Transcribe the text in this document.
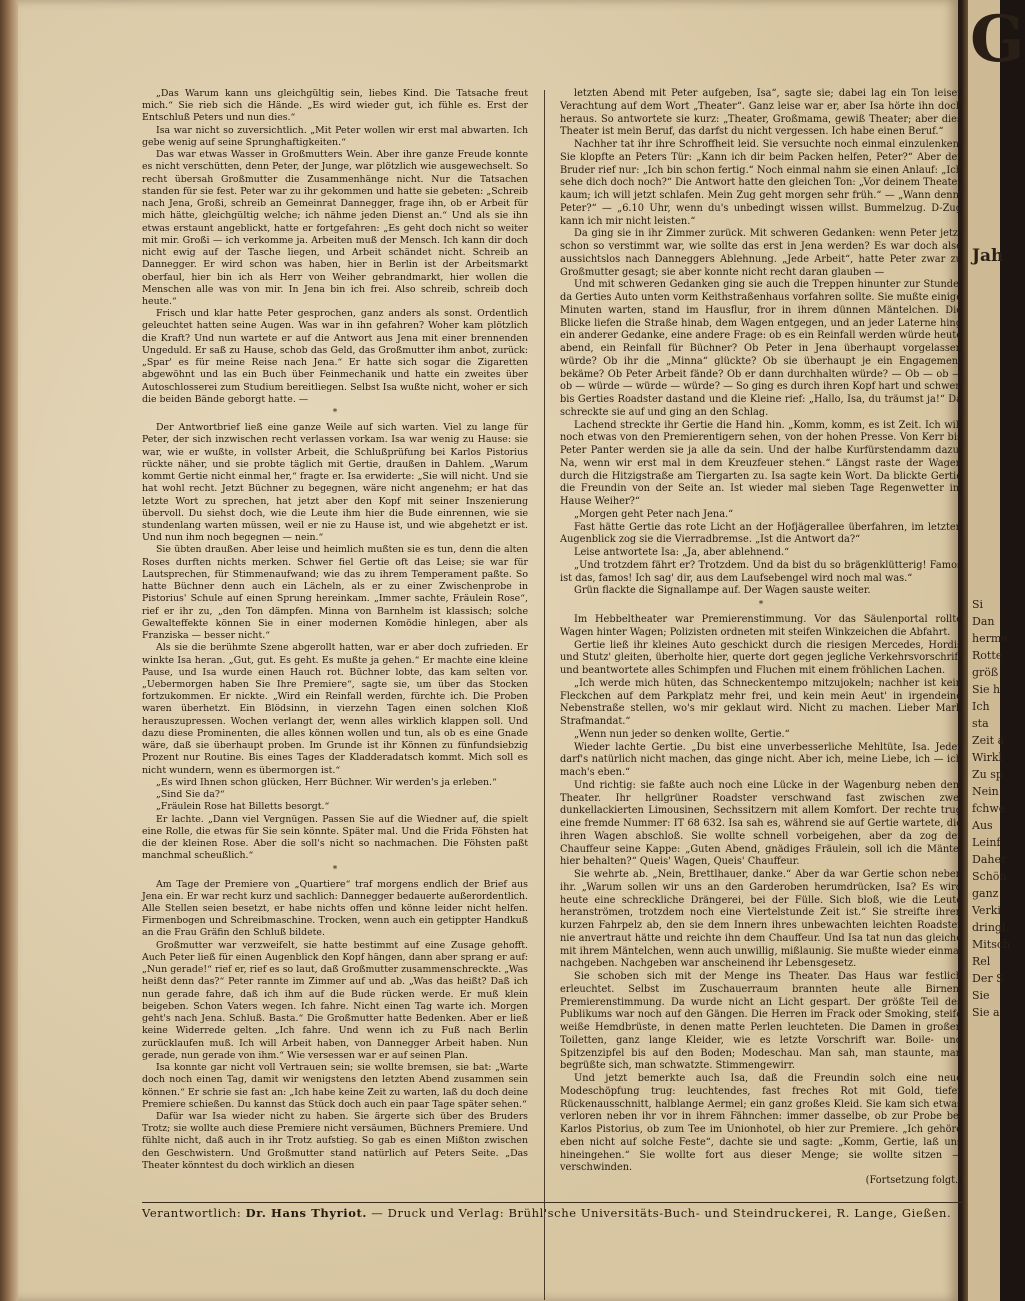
„Das Warum kann uns gleichgültig sein, liebes Kind. Die Tatsache freut mich.“ Sie rieb sich die Hände. „Es wird wieder gut, ich fühle es. Erst der Entschluß Peters und nun dies.“

Isa war nicht so zuversichtlich. „Mit Peter wollen wir erst mal abwarten. Ich gebe wenig auf seine Sprunghaftigkeiten.“

Das war etwas Wasser in Großmutters Wein. Aber ihre ganze Freude konnte es nicht verschütten, denn Peter, der Junge, war plötzlich wie ausgewechselt. So recht übersah Großmutter die Zusammenhänge nicht. Nur die Tatsachen standen für sie fest. Peter war zu ihr gekommen und hatte sie gebeten: „Schreib nach Jena, Großi, schreib an Gemeinrat Dannegger, frage ihn, ob er Arbeit für mich hätte, gleichgültig welche; ich nähme jeden Dienst an.“ Und als sie ihn etwas erstaunt angeblickt, hatte er fortgefahren: „Es geht doch nicht so weiter mit mir. Großi — ich verkomme ja. Arbeiten muß der Mensch. Ich kann dir doch nicht ewig auf der Tasche liegen, und Arbeit schändet nicht. Schreib an Dannegger. Er wird schon was haben, hier in Berlin ist der Arbeitsmarkt oberfaul, hier bin ich als Herr von Weiher gebrandmarkt, hier wollen die Menschen alle was von mir. In Jena bin ich frei. Also schreib, schreib doch heute.“

Frisch und klar hatte Peter gesprochen, ganz anders als sonst. Ordentlich geleuchtet hatten seine Augen. Was war in ihn gefahren? Woher kam plötzlich die Kraft? Und nun wartete er auf die Antwort aus Jena mit einer brennenden Ungeduld. Er saß zu Hause, schob das Geld, das Großmutter ihm anbot, zurück: „Spar' es für meine Reise nach Jena.“ Er hatte sich sogar die Zigaretten abgewöhnt und las ein Buch über Feinmechanik und hatte ein zweites über Autoschlosserei zum Studium bereitliegen. Selbst Isa wußte nicht, woher er sich die beiden Bände geborgt hatte. —

*

Der Antwortbrief ließ eine ganze Weile auf sich warten. Viel zu lange für Peter, der sich inzwischen recht verlassen vorkam. Isa war wenig zu Hause: sie war, wie er wußte, in vollster Arbeit, die Schlußprüfung bei Karlos Pistorius rückte näher, und sie probte täglich mit Gertie, draußen in Dahlem. „Warum kommt Gertie nicht einmal her,“ fragte er. Isa erwiderte: „Sie will nicht. Und sie hat wohl recht. Jetzt Büchner zu begegnen, wäre nicht angenehm; er hat das letzte Wort zu sprechen, hat jetzt aber den Kopf mit seiner Inszenierung übervoll. Du siehst doch, wie die Leute ihm hier die Bude einrennen, wie sie stundenlang warten müssen, weil er nie zu Hause ist, und wie abgehetzt er ist. Und nun ihm noch begegnen — nein.“

Sie übten draußen. Aber leise und heimlich mußten sie es tun, denn die alten Roses durften nichts merken. Schwer fiel Gertie oft das Leise; sie war für Lautsprechen, für Stimmenaufwand; wie das zu ihrem Temperament paßte. So hatte Büchner denn auch ein Lächeln, als er zu einer Zwischenprobe in Pistorius' Schule auf einen Sprung hereinkam. „Immer sachte, Fräulein Rose“, rief er ihr zu, „den Ton dämpfen. Minna von Barnhelm ist klassisch; solche Gewalteffekte können Sie in einer modernen Komödie hinlegen, aber als Franziska — besser nicht.“

Als sie die berühmte Szene abgerollt hatten, war er aber doch zufrieden. Er winkte Isa heran. „Gut, gut. Es geht. Es mußte ja gehen.“ Er machte eine kleine Pause, und Isa wurde einen Hauch rot. Büchner lobte, das kam selten vor. „Uebermorgen haben Sie Ihre Premiere“, sagte sie, um über das Stocken fortzukommen. Er nickte. „Wird ein Reinfall werden, fürchte ich. Die Proben waren überhetzt. Ein Blödsinn, in vierzehn Tagen einen solchen Kloß herauszupressen. Wochen verlangt der, wenn alles wirklich klappen soll. Und dazu diese Prominenten, die alles können wollen und tun, als ob es eine Gnade wäre, daß sie überhaupt proben. Im Grunde ist ihr Können zu fünfundsiebzig Prozent nur Routine. Bis eines Tages der Kladderadatsch kommt. Mich soll es nicht wundern, wenn es übermorgen ist.“

„Es wird Ihnen schon glücken, Herr Büchner. Wir werden's ja erleben.“

„Sind Sie da?“

„Fräulein Rose hat Billetts besorgt.“

Er lachte. „Dann viel Vergnügen. Passen Sie auf die Wiedner auf, die spielt eine Rolle, die etwas für Sie sein könnte. Später mal. Und die Frida Föhsten hat die der kleinen Rose. Aber die soll's nicht so nachmachen. Die Föhsten paßt manchmal scheußlich.“

*

Am Tage der Premiere von „Quartiere“ traf morgens endlich der Brief aus Jena ein. Er war recht kurz und sachlich: Dannegger bedauerte außerordentlich. Alle Stellen seien besetzt, er habe nichts offen und könne leider nicht helfen. Firmenbogen und Schreibmaschine. Trocken, wenn auch ein getippter Handkuß an die Frau Gräfin den Schluß bildete.

Großmutter war verzweifelt, sie hatte bestimmt auf eine Zusage gehofft. Auch Peter ließ für einen Augenblick den Kopf hängen, dann aber sprang er auf: „Nun gerade!“ rief er, rief es so laut, daß Großmutter zusammenschreckte. „Was heißt denn das?“ Peter rannte im Zimmer auf und ab. „Was das heißt? Daß ich nun gerade fahre, daß ich ihm auf die Bude rücken werde. Er muß klein beigeben. Schon Vaters wegen. Ich fahre. Nicht einen Tag warte ich. Morgen geht's nach Jena. Schluß. Basta.“ Die Großmutter hatte Bedenken. Aber er ließ keine Widerrede gelten. „Ich fahre. Und wenn ich zu Fuß nach Berlin zurücklaufen muß. Ich will Arbeit haben, von Dannegger Arbeit haben. Nun gerade, nun gerade von ihm.“ Wie versessen war er auf seinen Plan.

Isa konnte gar nicht voll Vertrauen sein; sie wollte bremsen, sie bat: „Warte doch noch einen Tag, damit wir wenigstens den letzten Abend zusammen sein können.“ Er schrie sie fast an: „Ich habe keine Zeit zu warten, laß du doch deine Premiere schießen. Du kannst das Stück doch auch ein paar Tage später sehen.“

Dafür war Isa wieder nicht zu haben. Sie ärgerte sich über des Bruders Trotz; sie wollte auch diese Premiere nicht versäumen, Büchners Premiere. Und fühlte nicht, daß auch in ihr Trotz aufstieg. So gab es einen Mißton zwischen den Geschwistern. Und Großmutter stand natürlich auf Peters Seite. „Das Theater könntest du doch wirklich an diesen

letzten Abend mit Peter aufgeben, Isa“, sagte sie; dabei lag ein Ton leiser Verachtung auf dem Wort „Theater“. Ganz leise war er, aber Isa hörte ihn doch heraus. So antwortete sie kurz: „Theater, Großmama, gewiß Theater; aber dies Theater ist mein Beruf, das darfst du nicht vergessen. Ich habe einen Beruf.“

Nachher tat ihr ihre Schroffheit leid. Sie versuchte noch einmal einzulenken. Sie klopfte an Peters Tür: „Kann ich dir beim Packen helfen, Peter?“ Aber der Bruder rief nur: „Ich bin schon fertig.“ Noch einmal nahm sie einen Anlauf: „Ich sehe dich doch noch?“ Die Antwort hatte den gleichen Ton: „Vor deinem Theater kaum; ich will jetzt schlafen. Mein Zug geht morgen sehr früh.“ — „Wann denn, Peter?“ — „6.10 Uhr, wenn du's unbedingt wissen willst. Bummelzug. D-Zug kann ich mir nicht leisten.“

Da ging sie in ihr Zimmer zurück. Mit schweren Gedanken: wenn Peter jetzt schon so verstimmt war, wie sollte das erst in Jena werden? Es war doch also aussichtslos nach Danneggers Ablehnung. „Jede Arbeit“, hatte Peter zwar zu Großmutter gesagt; sie aber konnte nicht recht daran glauben —

Und mit schweren Gedanken ging sie auch die Treppen hinunter zur Stunde, da Gerties Auto unten vorm Keithstraßenhaus vorfahren sollte. Sie mußte einige Minuten warten, stand im Hausflur, fror in ihrem dünnen Mäntelchen. Die Blicke liefen die Straße hinab, dem Wagen entgegen, und an jeder Laterne hing ein anderer Gedanke, eine andere Frage: ob es ein Reinfall werden würde heute abend, ein Reinfall für Büchner? Ob Peter in Jena überhaupt vorgelassen würde? Ob ihr die „Minna“ glückte? Ob sie überhaupt je ein Engagement bekäme? Ob Peter Arbeit fände? Ob er dann durchhalten würde? — Ob — ob — ob — würde — würde — würde? — So ging es durch ihren Kopf hart und schwer, bis Gerties Roadster dastand und die Kleine rief: „Hallo, Isa, du träumst ja!“ Da schreckte sie auf und ging an den Schlag.

Lachend streckte ihr Gertie die Hand hin. „Komm, komm, es ist Zeit. Ich will noch etwas von den Premierentigern sehen, von der hohen Presse. Von Kerr bis Peter Panter werden sie ja alle da sein. Und der halbe Kurfürstendamm dazu. Na, wenn wir erst mal in dem Kreuzfeuer stehen.“ Längst raste der Wagen durch die Hitzigstraße am Tiergarten zu. Isa sagte kein Wort. Da blickte Gertie die Freundin von der Seite an. Ist wieder mal sieben Tage Regenwetter im Hause Weiher?“

„Morgen geht Peter nach Jena.“

Fast hätte Gertie das rote Licht an der Hofjägerallee überfahren, im letzten Augenblick zog sie die Vierradbremse. „Ist die Antwort da?“

Leise antwortete Isa: „Ja, aber ablehnend.“

„Und trotzdem fährt er? Trotzdem. Und da bist du so brägenklütterig! Famos ist das, famos! Ich sag' dir, aus dem Laufsebengel wird noch mal was.“

Grün flackte die Signallampe auf. Der Wagen sauste weiter.

*

Im Hebbeltheater war Premierenstimmung. Vor das Säulenportal rollte Wagen hinter Wagen; Polizisten ordneten mit steifen Winkzeichen die Abfahrt.

Gertie ließ ihr kleines Auto geschickt durch die riesigen Mercedes, Hordis und Stutz' gleiten, überholte hier, querte dort gegen jegliche Verkehrsvorschrift und beantwortete alles Schimpfen und Fluchen mit einem fröhlichen Lachen.

„Ich werde mich hüten, das Schneckentempo mitzujokeln; nachher ist kein Fleckchen auf dem Parkplatz mehr frei, und kein mein Aeut' in irgendeine Nebenstraße stellen, wo's mir geklaut wird. Nicht zu machen. Lieber Mark Strafmandat.“

„Wenn nun jeder so denken wollte, Gertie.“

Wieder lachte Gertie. „Du bist eine unverbesserliche Mehltüte, Isa. Jeder darf's natürlich nicht machen, das ginge nicht. Aber ich, meine Liebe, ich — ich mach's eben.“

Und richtig: sie faßte auch noch eine Lücke in der Wagenburg neben dem Theater. Ihr hellgrüner Roadster verschwand fast zwischen zwei dunkellackierten Limousinen, Sechssitzern mit allem Komfort. Der rechte trug eine fremde Nummer: IT 68 632. Isa sah es, während sie auf Gertie wartete, die ihren Wagen abschloß. Sie wollte schnell vorbeigehen, aber da zog der Chauffeur seine Kappe: „Guten Abend, gnädiges Fräulein, soll ich die Mäntel hier behalten?“ Queis' Wagen, Queis' Chauffeur.

Sie wehrte ab. „Nein, Brettlhauer, danke.“ Aber da war Gertie schon neben ihr. „Warum sollen wir uns an den Garderoben herumdrücken, Isa? Es wird heute eine schreckliche Drängerei, bei der Fülle. Sich bloß, wie die Leute heranströmen, trotzdem noch eine Viertelstunde Zeit ist.“ Sie streifte ihren kurzen Fahrpelz ab, den sie dem Innern ihres unbewachten leichten Roadster nie anvertraut hätte und reichte ihn dem Chauffeur. Und Isa tat nun das gleiche mit ihrem Mäntelchen, wenn auch unwillig, mißlaunig. Sie mußte wieder einmal nachgeben. Nachgeben war anscheinend ihr Lebensgesetz.

Sie schoben sich mit der Menge ins Theater. Das Haus war festlich erleuchtet. Selbst im Zuschauerraum brannten heute alle Birnen. Premierenstimmung. Da wurde nicht an Licht gespart. Der größte Teil des Publikums war noch auf den Gängen. Die Herren im Frack oder Smoking, steife weiße Hemdbrüste, in denen matte Perlen leuchteten. Die Damen in großen Toiletten, ganz lange Kleider, wie es letzte Vorschrift war. Boile- und Spitzenzipfel bis auf den Boden; Modeschau. Man sah, man staunte, man begrüßte sich, man schwatzte. Stimmengewirr.

Und jetzt bemerkte auch Isa, daß die Freundin solch eine neue Modeschöpfung trug: leuchtendes, fast freches Rot mit Gold, tiefer Rückenausschnitt, halblange Aermel; ein ganz großes Kleid. Sie kam sich etwas verloren neben ihr vor in ihrem Fähnchen: immer dasselbe, ob zur Probe bei Karlos Pistorius, ob zum Tee im Unionhotel, ob hier zur Premiere. „Ich gehöre eben nicht auf solche Feste“, dachte sie und sagte: „Komm, Gertie, laß uns hineingehen.“ Sie wollte fort aus dieser Menge; sie wollte sitzen — verschwinden.

(Fortsetzung folgt.)

Verantwortlich: Dr. Hans Thyriot. — Druck und Verlag: Brühl'sche Universitäts-Buch- und Steindruckerei, R. Lange, Gießen.
G
Jah
Si
Dan
herme
Rotte
größ
Sie h
Ich
sta
Zeit a
Wirkl
Zu sp
Nein
fchwe
Aus
Leinf
Daher
Schön
ganz
Verki
dringl
Mitsch
Rel
Der S
Sie
Sie a
